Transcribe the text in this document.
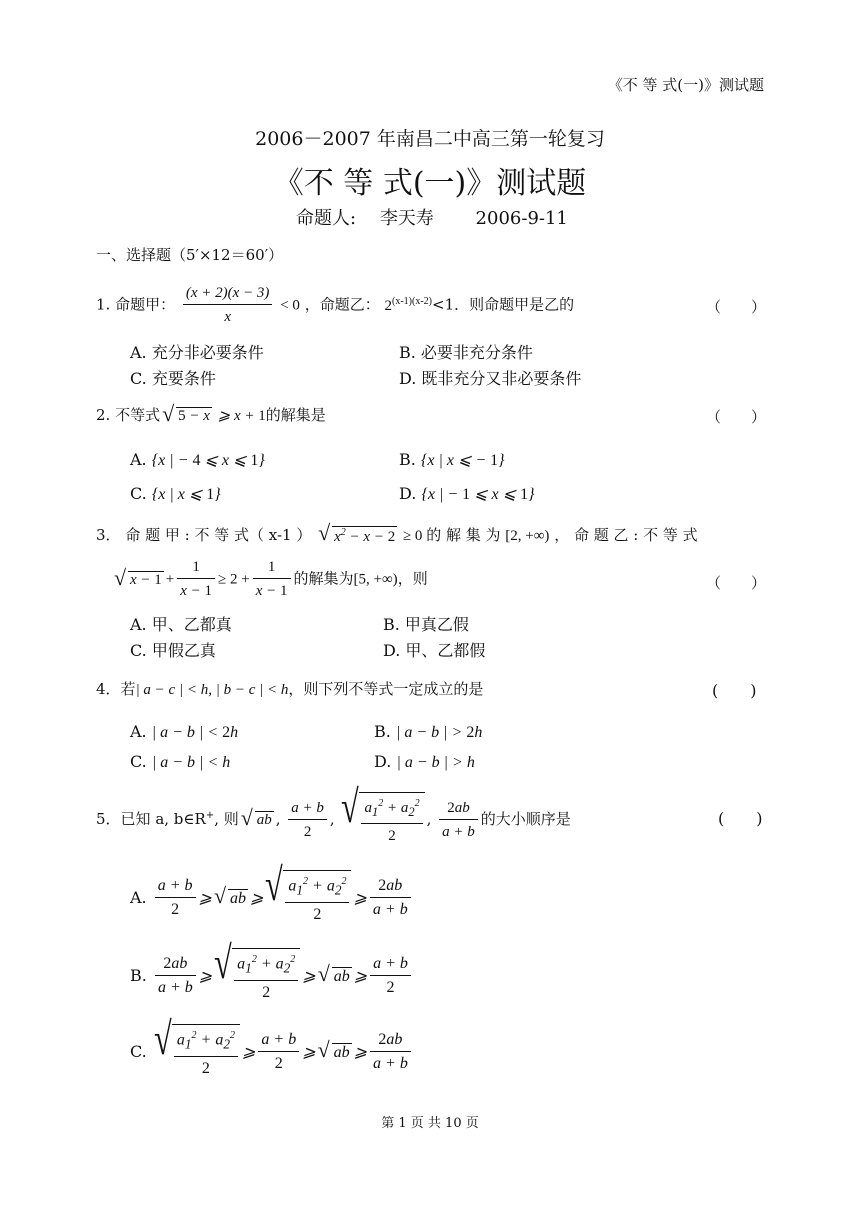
《不 等 式(一)》测试题
2006－2007 年南昌二中高三第一轮复习
《不 等 式(一)》测试题
命题人: 李天寿 2006-9-11
一、选择题（5′×12＝60′）
1. 命题甲： $\frac{(x + 2)(x - 3)}{x} < 0$ ，命题乙： $2^{(x-1)(x-2)}<1$．则命题甲是乙的	（　　）
A. 充分非必要条件	B. 必要非充分条件
C. 充要条件	D. 既非充分又非必要条件
2. 不等式 √ 5 − x ⩾ x + 1的解集是	（　　）
A. {x | − 4 ⩽ x ⩽ 1}	B. {x | x ⩽ − 1}
C. {x | x ⩽ 1}	D. {x | − 1 ⩽ x ⩽ 1}
3． 命 题 甲 : 不 等 式（ x-1 ） √ $x^2 - x - 2 \ge 0$ 的 解 集 为 [2, +∞) ， 命 题 乙 : 不 等 式
√ $x - 1 + \frac{1}{x - 1} \ge 2 + \frac{1}{x - 1}$ 的解集为[5, +∞)，则	（　　）
A. 甲、乙都真	B. 甲真乙假
C. 甲假乙真	D. 甲、乙都假
4．若| a − c | < h, | b − c | < h，则下列不等式一定成立的是	(　　)
A. | a − b | < 2h	B. | a − b | > 2h
C. | a − b | < h	D. | a − b | > h
5．已知 a, b∈R+, 则 √ ab , $\frac{a + b}{2}$ , √ $\frac{a_1^2 + a_2^2}{2}$ , $\frac{2ab}{a + b}$ 的大小顺序是	(　　)
A. $\frac{a + b}{2}$ ⩾ √ ab ⩾ √ $\frac{a_1^2 + a_2^2}{2}$ ⩾ $\frac{2ab}{a + b}$
B. $\frac{2ab}{a + b}$ ⩾ √ $\frac{a_1^2 + a_2^2}{2}$ ⩾ √ ab ⩾ $\frac{a + b}{2}$
C. √ $\frac{a_1^2 + a_2^2}{2}$ ⩾ $\frac{a + b}{2}$ ⩾ √ ab ⩾ $\frac{2ab}{a + b}$
第 1 页 共 10 页
